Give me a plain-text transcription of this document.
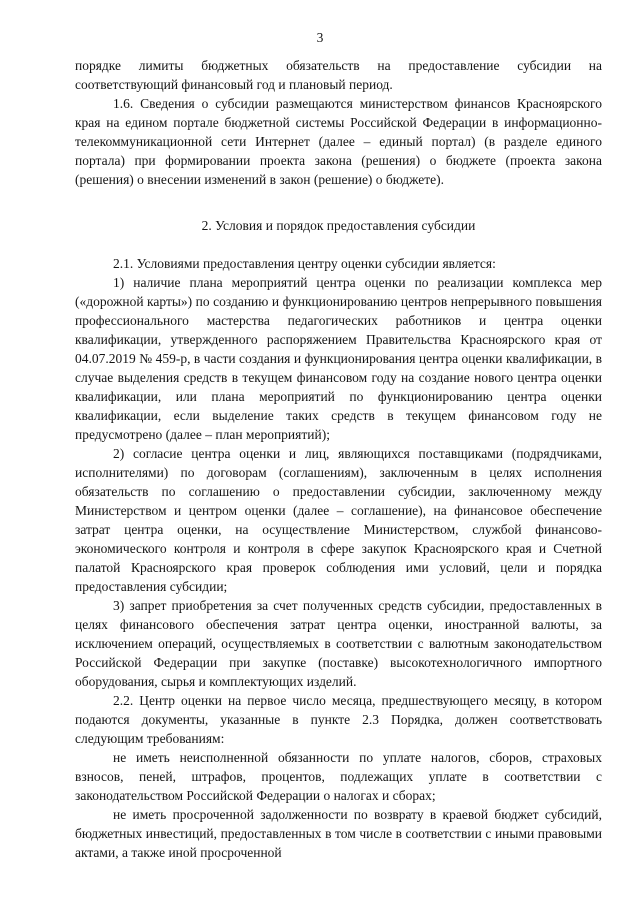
3

порядке лимиты бюджетных обязательств на предоставление субсидии на соответствующий финансовый год и плановый период.

1.6. Сведения о субсидии размещаются министерством финансов Красноярского края на едином портале бюджетной системы Российской Федерации в информационно-телекоммуникационной сети Интернет (далее – единый портал) (в разделе единого портала) при формировании проекта закона (решения) о бюджете (проекта закона (решения) о внесении изменений в закон (решение) о бюджете).

2. Условия и порядок предоставления субсидии

2.1. Условиями предоставления центру оценки субсидии является:

1) наличие плана мероприятий центра оценки по реализации комплекса мер («дорожной карты») по созданию и функционированию центров непрерывного повышения профессионального мастерства педагогических работников и центра оценки квалификации, утвержденного распоряжением Правительства Красноярского края от 04.07.2019 № 459-р, в части создания и функционирования центра оценки квалификации, в случае выделения средств в текущем финансовом году на создание нового центра оценки квалификации, или плана мероприятий по функционированию центра оценки квалификации, если выделение таких средств в текущем финансовом году не предусмотрено (далее – план мероприятий);

2) согласие центра оценки и лиц, являющихся поставщиками (подрядчиками, исполнителями) по договорам (соглашениям), заключенным в целях исполнения обязательств по соглашению о предоставлении субсидии, заключенному между Министерством и центром оценки (далее – соглашение), на финансовое обеспечение затрат центра оценки, на осуществление Министерством, службой финансово-экономического контроля и контроля в сфере закупок Красноярского края и Счетной палатой Красноярского края проверок соблюдения ими условий, цели и порядка предоставления субсидии;

3) запрет приобретения за счет полученных средств субсидии, предоставленных в целях финансового обеспечения затрат центра оценки, иностранной валюты, за исключением операций, осуществляемых в соответствии с валютным законодательством Российской Федерации при закупке (поставке) высокотехнологичного импортного оборудования, сырья и комплектующих изделий.

2.2. Центр оценки на первое число месяца, предшествующего месяцу, в котором подаются документы, указанные в пункте 2.3 Порядка, должен соответствовать следующим требованиям:

не иметь неисполненной обязанности по уплате налогов, сборов, страховых взносов, пеней, штрафов, процентов, подлежащих уплате в соответствии с законодательством Российской Федерации о налогах и сборах;

не иметь просроченной задолженности по возврату в краевой бюджет субсидий, бюджетных инвестиций, предоставленных в том числе в соответствии с иными правовыми актами, а также иной просроченной
